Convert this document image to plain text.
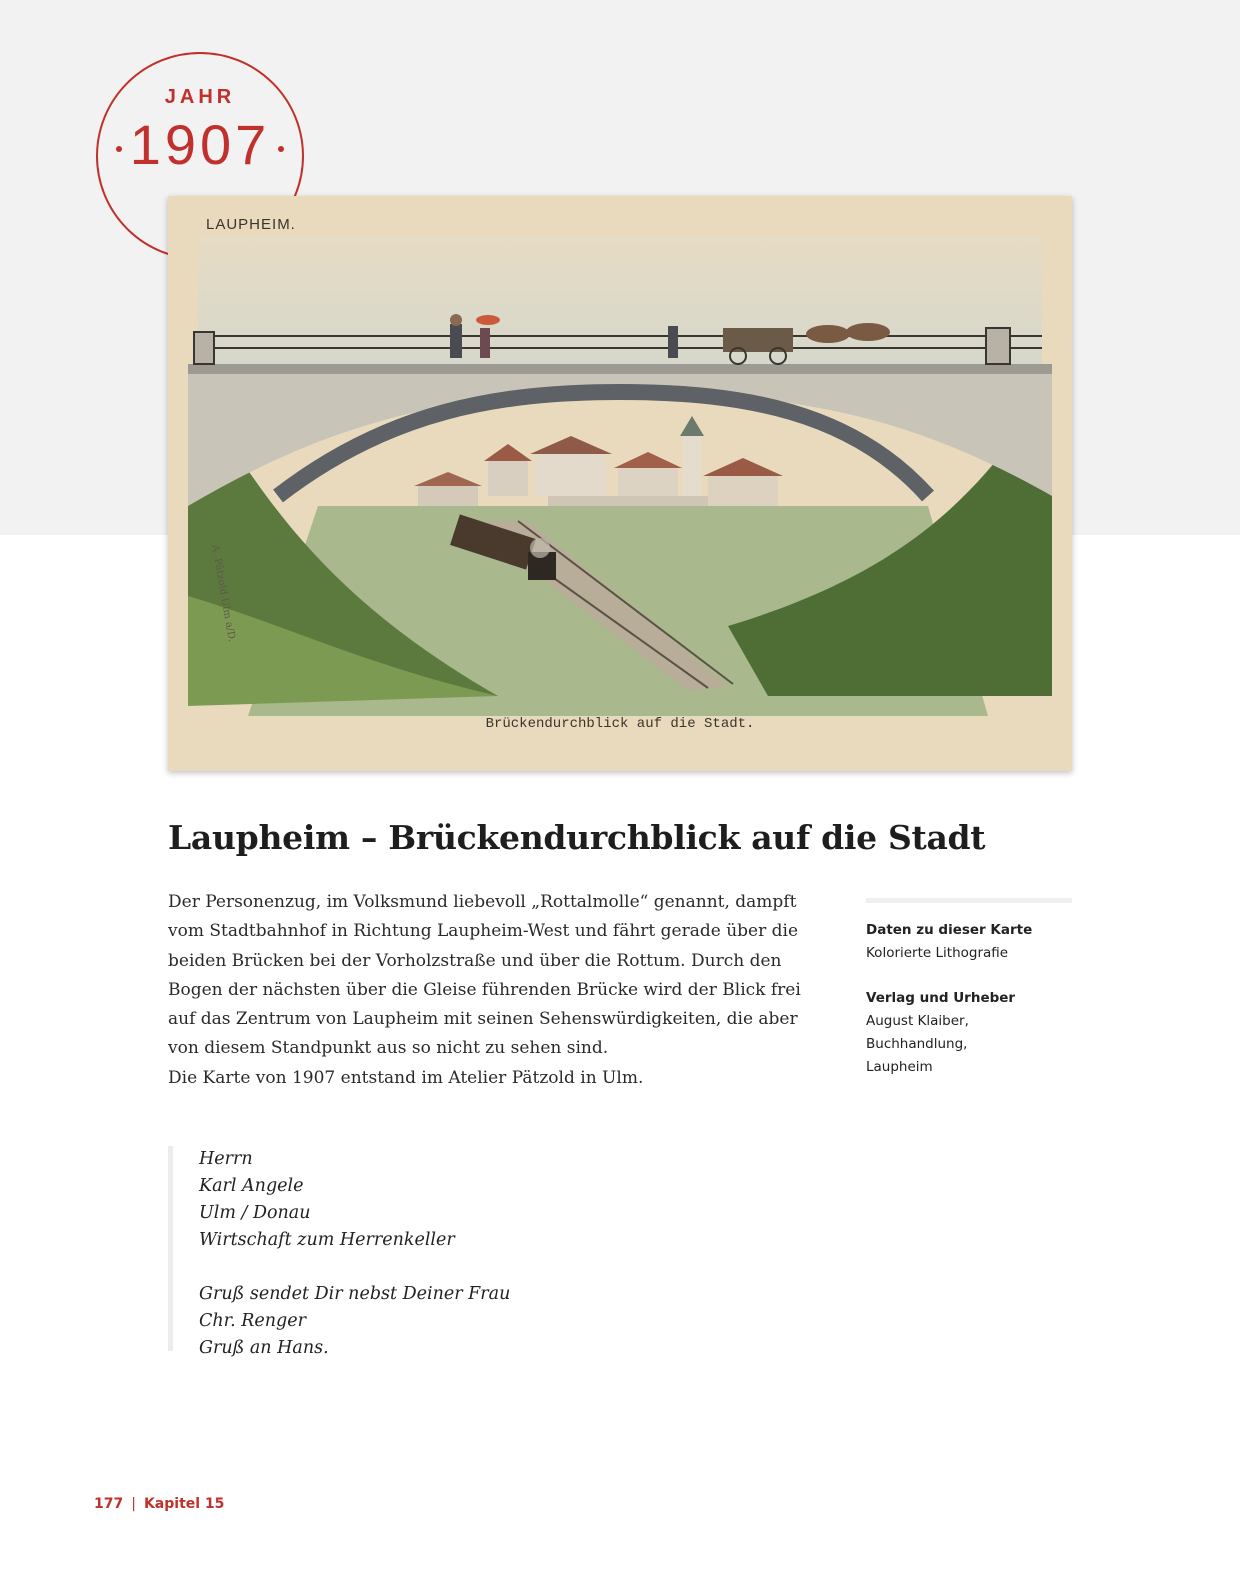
JAHR
1907
LAUPHEIM.
A. Pätzold Ulm a/D.
Brückendurchblick auf die Stadt.
Laupheim – Brückendurchblick auf die Stadt

Der Personenzug, im Volksmund liebevoll „Rottalmolle“ genannt, dampft
vom Stadtbahnhof in Richtung Laupheim-West und fährt gerade über die
beiden Brücken bei der Vorholzstraße und über die Rottum. Durch den
Bogen der nächsten über die Gleise führenden Brücke wird der Blick frei
auf das Zentrum von Laupheim mit seinen Sehenswürdigkeiten, die aber
von diesem Standpunkt aus so nicht zu sehen sind.
Die Karte von 1907 entstand im Atelier Pätzold in Ulm.

Daten zu dieser Karte
Kolorierte Lithografie
Verlag und Urheber
August Klaiber, Buchhandlung,
Laupheim
Herrn
Karl Angele
Ulm / Donau
Wirtschaft zum Herrenkeller
Gruß sendet Dir nebst Deiner Frau
Chr. Renger
Gruß an Hans.
177 | Kapitel 15
